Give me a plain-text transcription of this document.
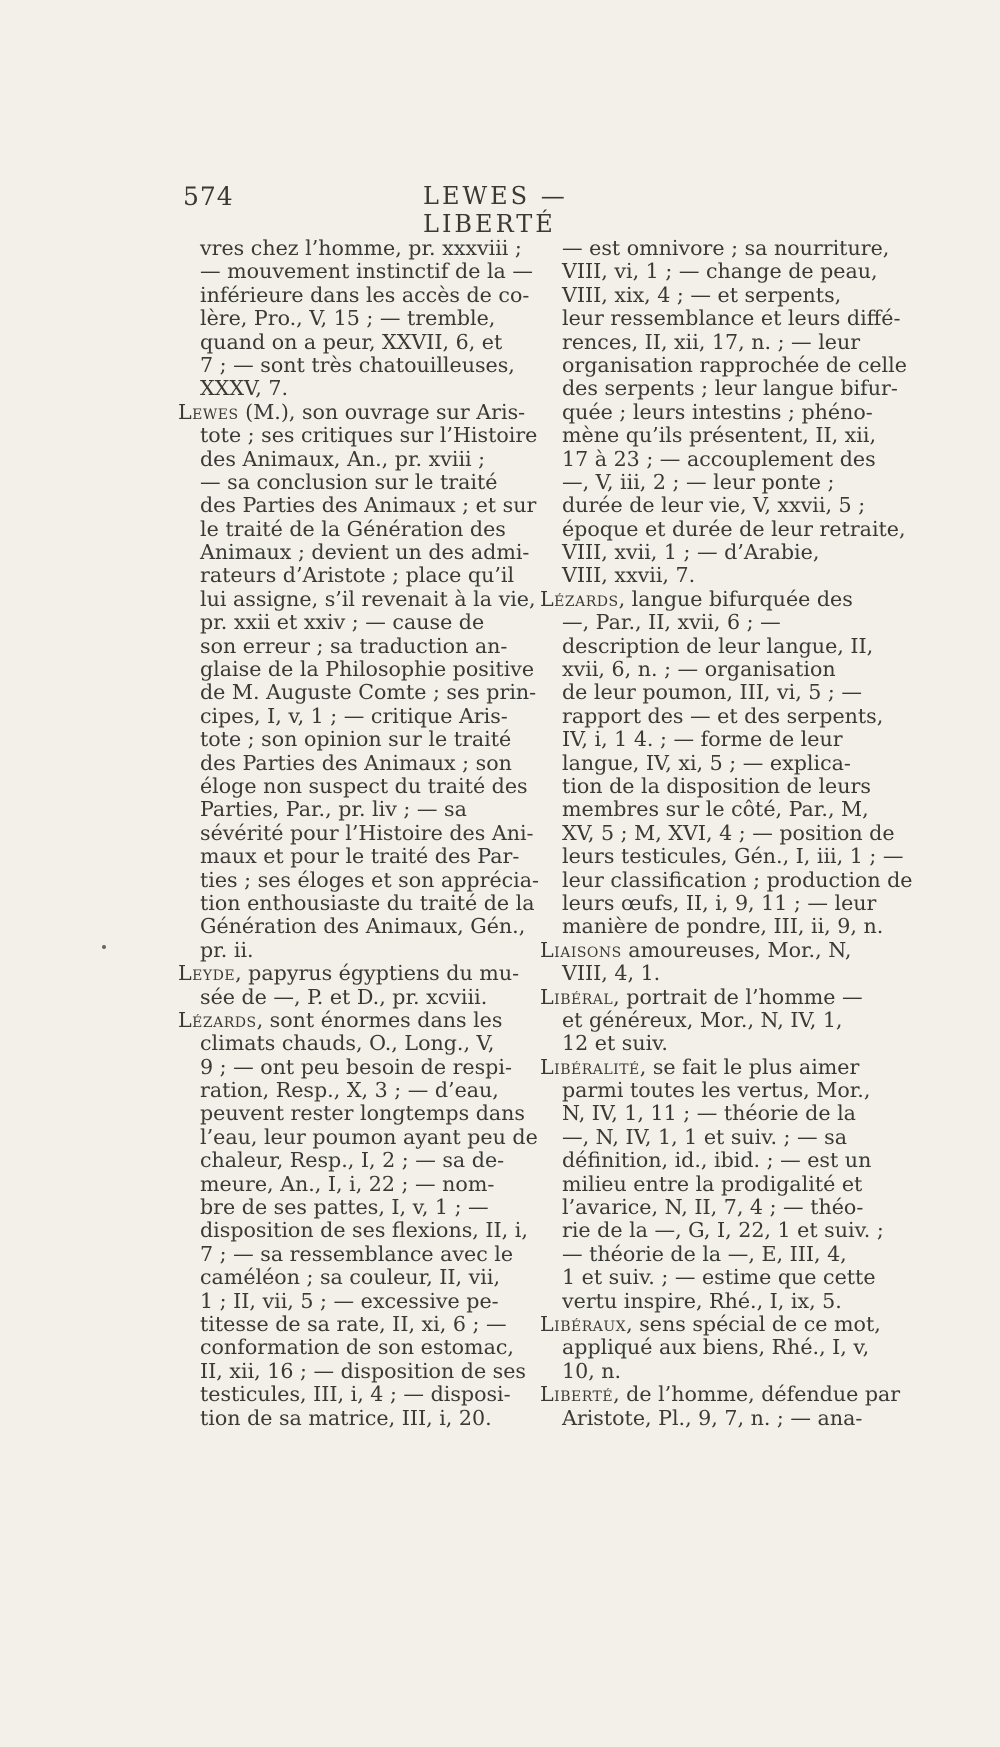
574	LEWES — LIBERTÉ
vres chez l’homme, pr. xxxviii ;
— mouvement instinctif de la —
inférieure dans les accès de co-
lère, Pro., V, 15 ; — tremble,
quand on a peur, XXVII, 6, et
7 ; — sont très chatouilleuses,
XXXV, 7.
Lewes (M.), son ouvrage sur Aris-
tote ; ses critiques sur l’Histoire
des Animaux, An., pr. xviii ;
— sa conclusion sur le traité
des Parties des Animaux ; et sur
le traité de la Génération des
Animaux ; devient un des admi-
rateurs d’Aristote ; place qu’il
lui assigne, s’il revenait à la vie,
pr. xxii et xxiv ; — cause de
son erreur ; sa traduction an-
glaise de la Philosophie positive
de M. Auguste Comte ; ses prin-
cipes, I, v, 1 ; — critique Aris-
tote ; son opinion sur le traité
des Parties des Animaux ; son
éloge non suspect du traité des
Parties, Par., pr. liv ; — sa
sévérité pour l’Histoire des Ani-
maux et pour le traité des Par-
ties ; ses éloges et son apprécia-
tion enthousiaste du traité de la
Génération des Animaux, Gén.,
pr. ii.
Leyde, papyrus égyptiens du mu-
sée de —, P. et D., pr. xcviii.
Lézards, sont énormes dans les
climats chauds, O., Long., V,
9 ; — ont peu besoin de respi-
ration, Resp., X, 3 ; — d’eau,
peuvent rester longtemps dans
l’eau, leur poumon ayant peu de
chaleur, Resp., I, 2 ; — sa de-
meure, An., I, i, 22 ; — nom-
bre de ses pattes, I, v, 1 ; —
disposition de ses flexions, II, i,
7 ; — sa ressemblance avec le
caméléon ; sa couleur, II, vii,
1 ; II, vii, 5 ; — excessive pe-
titesse de sa rate, II, xi, 6 ; —
conformation de son estomac,
II, xii, 16 ; — disposition de ses
testicules, III, i, 4 ; — disposi-
tion de sa matrice, III, i, 20.
— est omnivore ; sa nourriture,
VIII, vi, 1 ; — change de peau,
VIII, xix, 4 ; — et serpents,
leur ressemblance et leurs diffé-
rences, II, xii, 17, n. ; — leur
organisation rapprochée de celle
des serpents ; leur langue bifur-
quée ; leurs intestins ; phéno-
mène qu’ils présentent, II, xii,
17 à 23 ; — accouplement des
—, V, iii, 2 ; — leur ponte ;
durée de leur vie, V, xxvii, 5 ;
époque et durée de leur retraite,
VIII, xvii, 1 ; — d’Arabie,
VIII, xxvii, 7.
Lézards, langue bifurquée des
—, Par., II, xvii, 6 ; —
description de leur langue, II,
xvii, 6, n. ; — organisation
de leur poumon, III, vi, 5 ; —
rapport des — et des serpents,
IV, i, 1 4. ; — forme de leur
langue, IV, xi, 5 ; — explica-
tion de la disposition de leurs
membres sur le côté, Par., M,
XV, 5 ; M, XVI, 4 ; — position de
leurs testicules, Gén., I, iii, 1 ; —
leur classification ; production de
leurs œufs, II, i, 9, 11 ; — leur
manière de pondre, III, ii, 9, n.
Liaisons amoureuses, Mor., N,
VIII, 4, 1.
Libéral, portrait de l’homme —
et généreux, Mor., N, IV, 1,
12 et suiv.
Libéralité, se fait le plus aimer
parmi toutes les vertus, Mor.,
N, IV, 1, 11 ; — théorie de la
—, N, IV, 1, 1 et suiv. ; — sa
définition, id., ibid. ; — est un
milieu entre la prodigalité et
l’avarice, N, II, 7, 4 ; — théo-
rie de la —, G, I, 22, 1 et suiv. ;
— théorie de la —, E, III, 4,
1 et suiv. ; — estime que cette
vertu inspire, Rhé., I, ix, 5.
Libéraux, sens spécial de ce mot,
appliqué aux biens, Rhé., I, v,
10, n.
Liberté, de l’homme, défendue par
Aristote, Pl., 9, 7, n. ; — ana-
